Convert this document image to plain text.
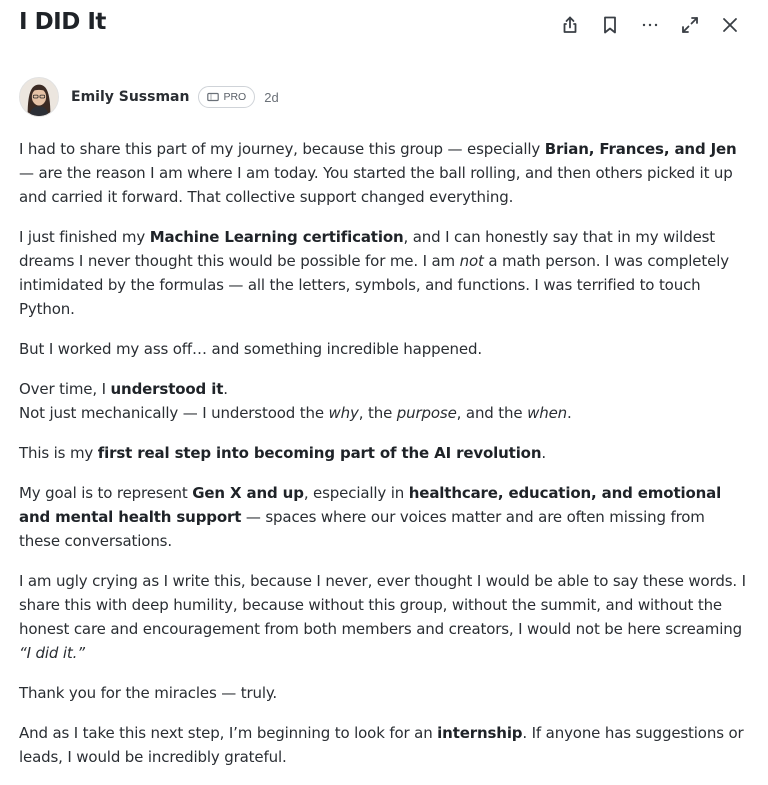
I DID It
Emily Sussman	PRO 2d

I had to share this part of my journey, because this group — especially Brian, Frances, and Jen — are the reason I am where I am today. You started the ball rolling, and then others picked it up and carried it forward. That collective support changed everything.

I just finished my Machine Learning certification, and I can honestly say that in my wildest dreams I never thought this would be possible for me. I am not a math person. I was completely intimidated by the formulas — all the letters, symbols, and functions. I was terrified to touch Python.

But I worked my ass off… and something incredible happened.

Over time, I understood it.
Not just mechanically — I understood the why, the purpose, and the when.

This is my first real step into becoming part of the AI revolution.

My goal is to represent Gen X and up, especially in healthcare, education, and emotional and mental health support — spaces where our voices matter and are often missing from these conversations.

I am ugly crying as I write this, because I never, ever thought I would be able to say these words. I share this with deep humility, because without this group, without the summit, and without the honest care and encouragement from both members and creators, I would not be here screaming “I did it.”

Thank you for the miracles — truly.

And as I take this next step, I’m beginning to look for an internship. If anyone has suggestions or leads, I would be incredibly grateful.
